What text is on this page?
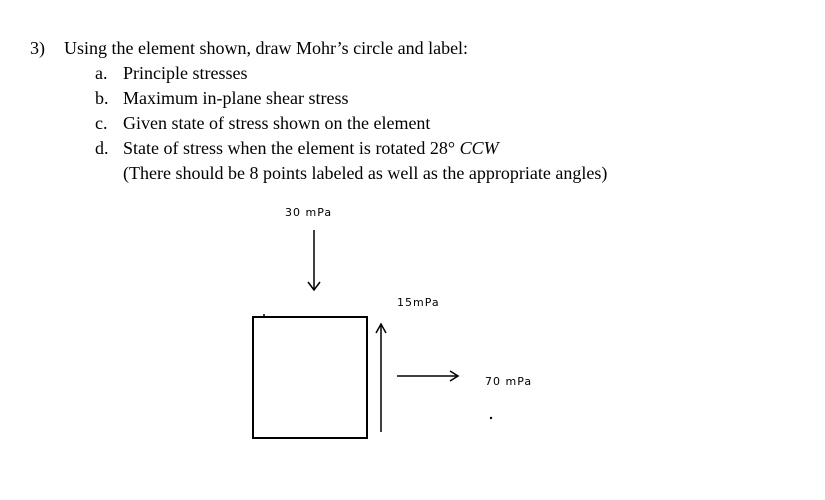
3) Using the element shown, draw Mohr’s circle and label:
a. Principle stresses
b. Maximum in-plane shear stress
c. Given state of stress shown on the element
d. State of stress when the element is rotated 28° CCW
(There should be 8 points labeled as well as the appropriate angles)
30 mPa
15mPa
70 mPa
